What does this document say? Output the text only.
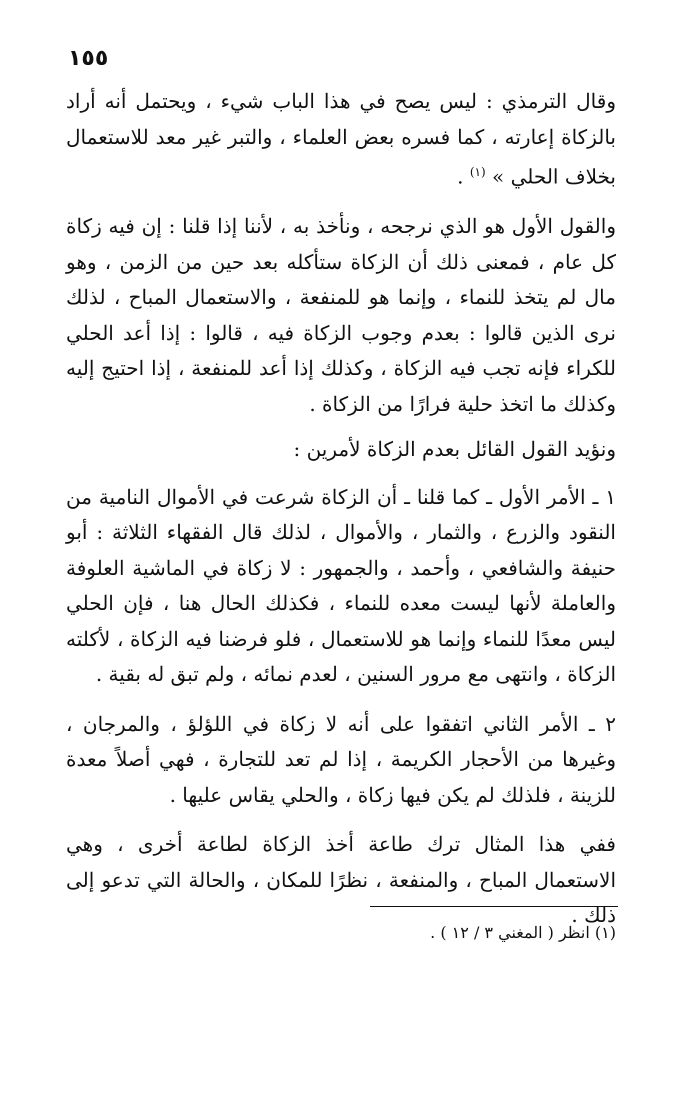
١٥٥

وقال الترمذي : ليس يصح في هذا الباب شيء ، ويحتمل أنه أراد بالزكاة إعارته ، كما فسره بعض العلماء ، والتبر غير معد للاستعمال بخلاف الحلي » $^{(١)}$ .

والقول الأول هو الذي نرجحه ، ونأخذ به ، لأننا إذا قلنا : إن فيه زكاة كل عام ، فمعنى ذلك أن الزكاة ستأكله بعد حين من الزمن ، وهو مال لم يتخذ للنماء ، وإنما هو للمنفعة ، والاستعمال المباح ، لذلك نرى الذين قالوا : بعدم وجوب الزكاة فيه ، قالوا : إذا أعد الحلي للكراء فإنه تجب فيه الزكاة ، وكذلك إذا أعد للمنفعة ، إذا احتيج إليه وكذلك ما اتخذ حلية فرارًا من الزكاة .

ونؤيد القول القائل بعدم الزكاة لأمرين :

١ ـ الأمر الأول ـ كما قلنا ـ أن الزكاة شرعت في الأموال النامية من النقود والزرع ، والثمار ، والأموال ، لذلك قال الفقهاء الثلاثة : أبو حنيفة والشافعي ، وأحمد ، والجمهور : لا زكاة في الماشية العلوفة والعاملة لأنها ليست معده للنماء ، فكذلك الحال هنا ، فإن الحلي ليس معدًا للنماء وإنما هو للاستعمال ، فلو فرضنا فيه الزكاة ، لأكلته الزكاة ، وانتهى مع مرور السنين ، لعدم نمائه ، ولم تبق له بقية .

٢ ـ الأمر الثاني اتفقوا على أنه لا زكاة في اللؤلؤ ، والمرجان ، وغيرها من الأحجار الكريمة ، إذا لم تعد للتجارة ، فهي أصلاً معدة للزينة ، فلذلك لم يكن فيها زكاة ، والحلي يقاس عليها .

ففي هذا المثال ترك طاعة أخذ الزكاة لطاعة أخرى ، وهي الاستعمال المباح ، والمنفعة ، نظرًا للمكان ، والحالة التي تدعو إلى ذلك .

(١) انظر ( المغني ٣ / ١٢ ) .
